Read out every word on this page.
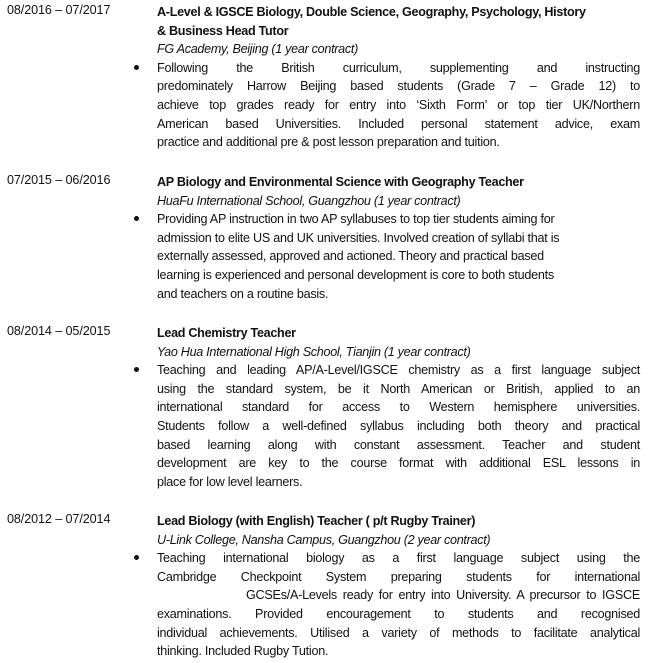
08/2016 – 07/2017	A-Level & IGSCE Biology, Double Science, Geography, Psychology, History
& Business Head Tutor
FG Academy, Beijing (1 year contract)
Following the British curriculum, supplementing and instructing
predominately Harrow Beijing based students (Grade 7 – Grade 12) to
achieve top grades ready for entry into ‘Sixth Form’ or top tier UK/Northern
American based Universities. Included personal statement advice, exam
practice and additional pre & post lesson preparation and tuition.
07/2015 – 06/2016	AP Biology and Environmental Science with Geography Teacher
HuaFu International School, Guangzhou (1 year contract)
Providing AP instruction in two AP syllabuses to top tier students aiming for
admission to elite US and UK universities. Involved creation of syllabi that is
externally assessed, approved and actioned. Theory and practical based
learning is experienced and personal development is core to both students
and teachers on a routine basis.
08/2014 – 05/2015	Lead Chemistry Teacher
Yao Hua International High School, Tianjin (1 year contract)
Teaching and leading AP/A-Level/IGSCE chemistry as a first language subject
using the standard system, be it North American or British, applied to an
international standard for access to Western hemisphere universities.
Students follow a well-defined syllabus including both theory and practical
based learning along with constant assessment. Teacher and student
development are key to the course format with additional ESL lessons in
place for low level learners.
08/2012 – 07/2014	Lead Biology (with English) Teacher ( p/t Rugby Trainer)
U-Link College, Nansha Campus, Guangzhou (2 year contract)
Teaching international biology as a first language subject using the
Cambridge Checkpoint System preparing students for international
GCSEs/A-Levels ready for entry into University. A precursor to IGSCE
examinations. Provided encouragement to students and recognised
individual achievements. Utilised a variety of methods to facilitate analytical
thinking. Included Rugby Tution.
